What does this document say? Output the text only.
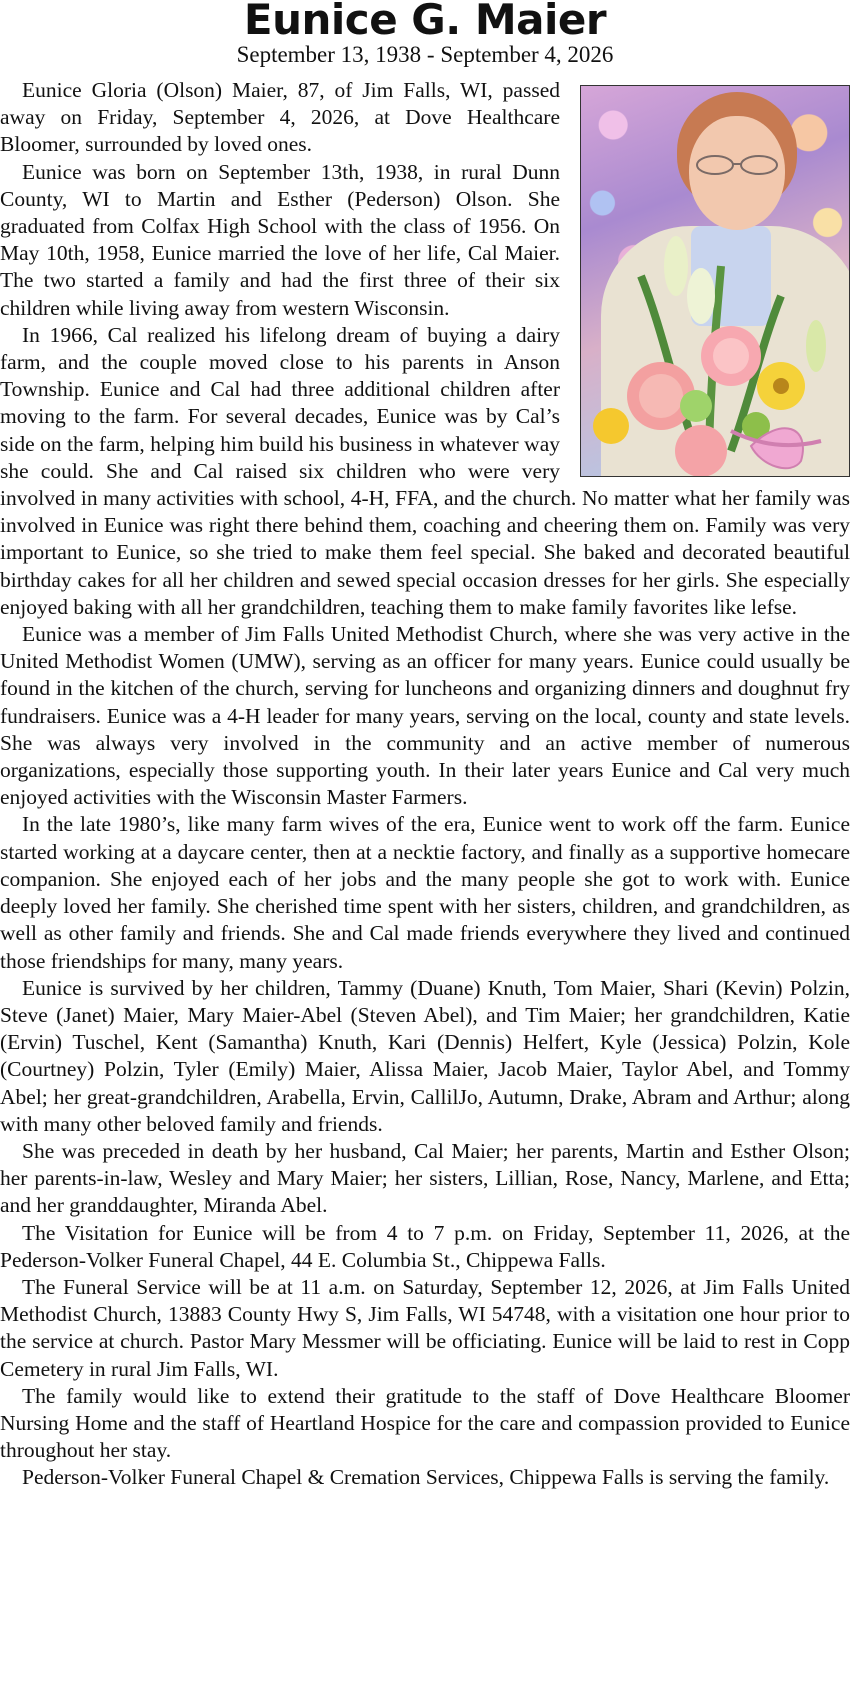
Eunice G. Maier
September 13, 1938 - September 4, 2026

Eunice Gloria (Olson) Maier, 87, of Jim Falls, WI, passed away on Friday, September 4, 2026, at Dove Healthcare Bloomer, surrounded by loved ones.

Eunice was born on September 13th, 1938, in rural Dunn County, WI to Martin and Esther (Pederson) Olson. She graduated from Colfax High School with the class of 1956. On May 10th, 1958, Eunice married the love of her life, Cal Maier. The two started a family and had the first three of their six children while living away from western Wisconsin.

In 1966, Cal realized his lifelong dream of buying a dairy farm, and the couple moved close to his parents in Anson Township. Eunice and Cal had three additional children after moving to the farm. For several decades, Eunice was by Cal’s side on the farm, helping him build his business in whatever way she could. She and Cal raised six children who were very involved in many activities with school, 4-H, FFA, and the church. No matter what her family was involved in Eunice was right there behind them, coaching and cheering them on. Family was very important to Eunice, so she tried to make them feel special. She baked and decorated beautiful birthday cakes for all her children and sewed special occasion dresses for her girls. She especially enjoyed baking with all her grandchildren, teaching them to make family favorites like lefse.

Eunice was a member of Jim Falls United Methodist Church, where she was very active in the United Methodist Women (UMW), serving as an officer for many years. Eunice could usually be found in the kitchen of the church, serving for luncheons and organizing dinners and doughnut fry fundraisers. Eunice was a 4-H leader for many years, serving on the local, county and state levels. She was always very involved in the community and an active member of numerous organizations, especially those supporting youth. In their later years Eunice and Cal very much enjoyed activities with the Wisconsin Master Farmers.

In the late 1980’s, like many farm wives of the era, Eunice went to work off the farm. Eunice started working at a daycare center, then at a necktie factory, and finally as a supportive homecare companion. She enjoyed each of her jobs and the many people she got to work with. Eunice deeply loved her family. She cherished time spent with her sisters, children, and grandchildren, as well as other family and friends. She and Cal made friends everywhere they lived and continued those friendships for many, many years.

Eunice is survived by her children, Tammy (Duane) Knuth, Tom Maier, Shari (Kevin) Polzin, Steve (Janet) Maier, Mary Maier-Abel (Steven Abel), and Tim Maier; her grandchildren, Katie (Ervin) Tuschel, Kent (Samantha) Knuth, Kari (Dennis) Helfert, Kyle (Jessica) Polzin, Kole (Courtney) Polzin, Tyler (Emily) Maier, Alissa Maier, Jacob Maier, Taylor Abel, and Tommy Abel; her great-grandchildren, Arabella, Ervin, CallilJo, Autumn, Drake, Abram and Arthur; along with many other beloved family and friends.

She was preceded in death by her husband, Cal Maier; her parents, Martin and Esther Olson; her parents-in-law, Wesley and Mary Maier; her sisters, Lillian, Rose, Nancy, Marlene, and Etta; and her granddaughter, Miranda Abel.

The Visitation for Eunice will be from 4 to 7 p.m. on Friday, September 11, 2026, at the Pederson-Volker Funeral Chapel, 44 E. Columbia St., Chippewa Falls.

The Funeral Service will be at 11 a.m. on Saturday, September 12, 2026, at Jim Falls United Methodist Church, 13883 County Hwy S, Jim Falls, WI 54748, with a visitation one hour prior to the service at church. Pastor Mary Messmer will be officiating. Eunice will be laid to rest in Copp Cemetery in rural Jim Falls, WI.

The family would like to extend their gratitude to the staff of Dove Healthcare Bloomer Nursing Home and the staff of Heartland Hospice for the care and compassion provided to Eunice throughout her stay.

Pederson-Volker Funeral Chapel & Cremation Services, Chippewa Falls is serving the family.
